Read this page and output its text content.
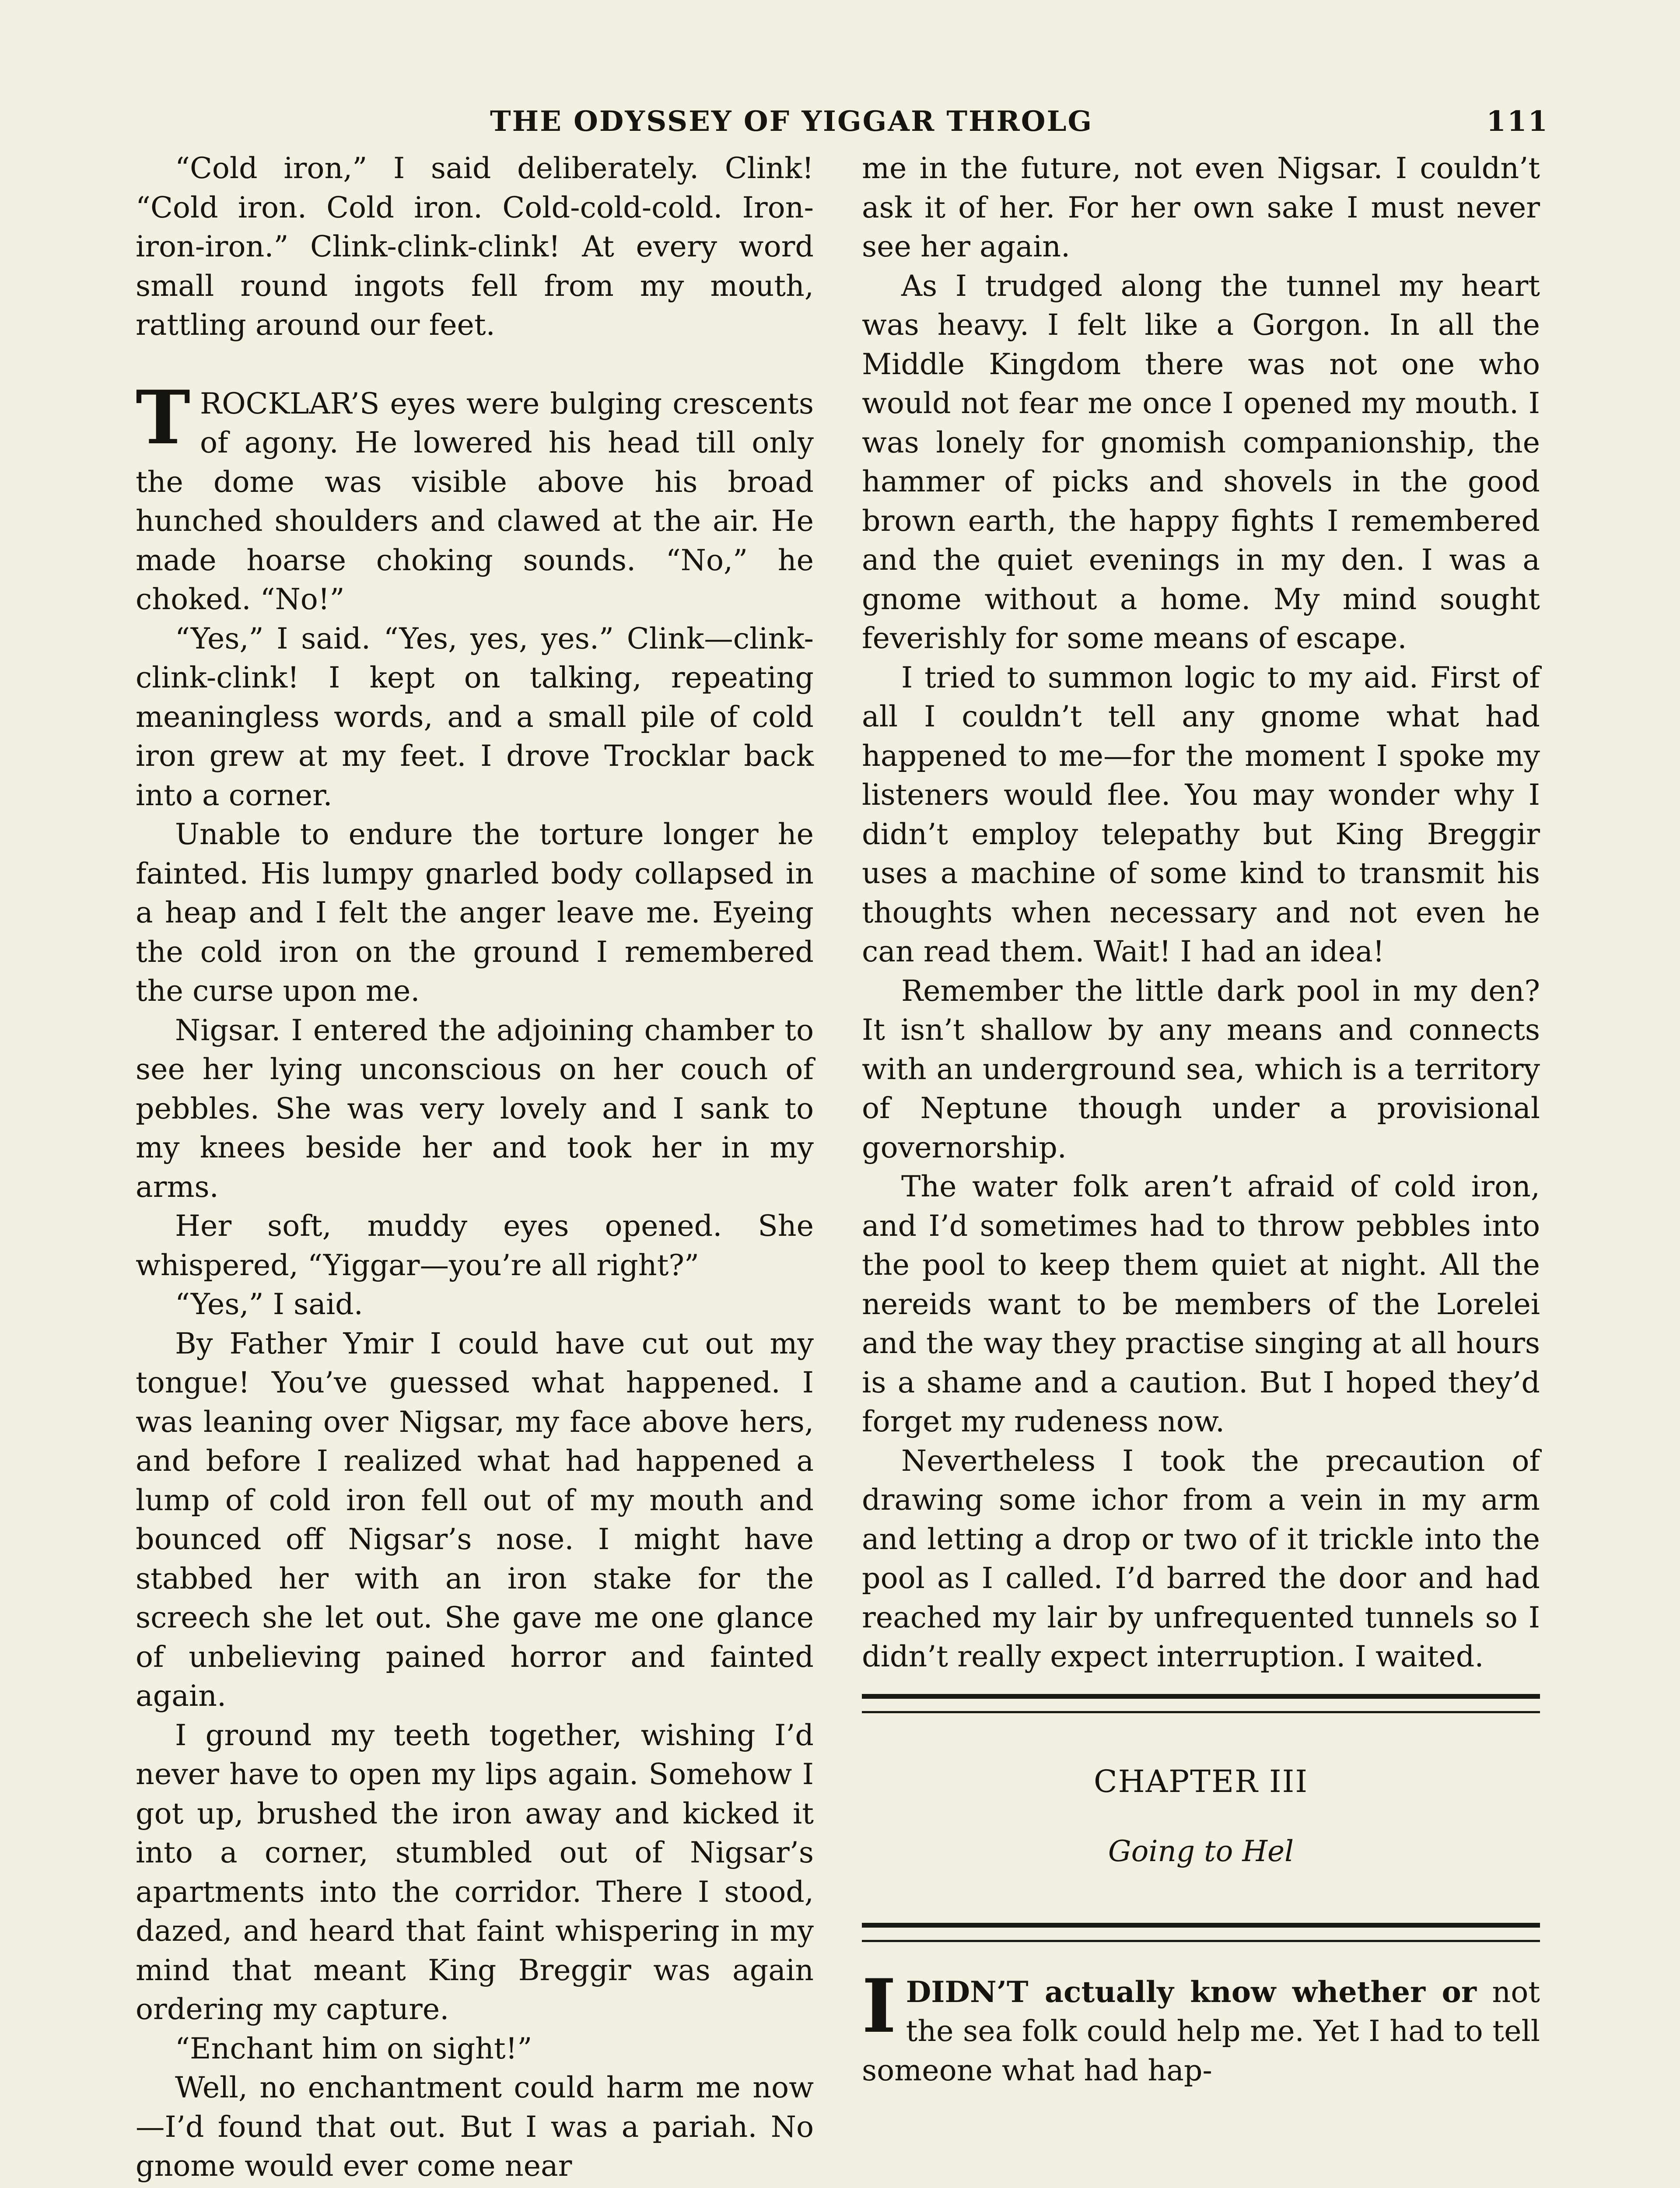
THE ODYSSEY OF YIGGAR THROLG	111

“Cold iron,” I said deliberately. Clink! “Cold iron. Cold iron. Cold-cold-cold. Iron-iron-iron.” Clink-clink-clink! At every word small round ingots fell from my mouth, rattling around our feet.

TROCKLAR’S eyes were bulging crescents of agony. He lowered his head till only the dome was visible above his broad hunched shoulders and clawed at the air. He made hoarse choking sounds. “No,” he choked. “No!”

“Yes,” I said. “Yes, yes, yes.” Clink—clink-clink-clink! I kept on talking, repeating meaningless words, and a small pile of cold iron grew at my feet. I drove Trocklar back into a corner.

Unable to endure the torture longer he fainted. His lumpy gnarled body collapsed in a heap and I felt the anger leave me. Eyeing the cold iron on the ground I remembered the curse upon me.

Nigsar. I entered the adjoining chamber to see her lying unconscious on her couch of pebbles. She was very lovely and I sank to my knees beside her and took her in my arms.

Her soft, muddy eyes opened. She whispered, “Yiggar—you’re all right?”

“Yes,” I said.

By Father Ymir I could have cut out my tongue! You’ve guessed what happened. I was leaning over Nigsar, my face above hers, and before I realized what had happened a lump of cold iron fell out of my mouth and bounced off Nigsar’s nose. I might have stabbed her with an iron stake for the screech she let out. She gave me one glance of unbelieving pained horror and fainted again.

I ground my teeth together, wishing I’d never have to open my lips again. Somehow I got up, brushed the iron away and kicked it into a corner, stumbled out of Nigsar’s apartments into the corridor. There I stood, dazed, and heard that faint whispering in my mind that meant King Breggir was again ordering my capture.

“Enchant him on sight!”

Well, no enchantment could harm me now—I’d found that out. But I was a pariah. No gnome would ever come near

me in the future, not even Nigsar. I couldn’t ask it of her. For her own sake I must never see her again.

As I trudged along the tunnel my heart was heavy. I felt like a Gorgon. In all the Middle Kingdom there was not one who would not fear me once I opened my mouth. I was lonely for gnomish companionship, the hammer of picks and shovels in the good brown earth, the happy fights I remembered and the quiet evenings in my den. I was a gnome without a home. My mind sought feverishly for some means of escape.

I tried to summon logic to my aid. First of all I couldn’t tell any gnome what had happened to me—for the moment I spoke my listeners would flee. You may wonder why I didn’t employ telepathy but King Breggir uses a machine of some kind to transmit his thoughts when necessary and not even he can read them. Wait! I had an idea!

Remember the little dark pool in my den? It isn’t shallow by any means and connects with an underground sea, which is a territory of Neptune though under a provisional governorship.

The water folk aren’t afraid of cold iron, and I’d sometimes had to throw pebbles into the pool to keep them quiet at night. All the nereids want to be members of the Lorelei and the way they practise singing at all hours is a shame and a caution. But I hoped they’d forget my rudeness now.

Nevertheless I took the precaution of drawing some ichor from a vein in my arm and letting a drop or two of it trickle into the pool as I called. I’d barred the door and had reached my lair by unfrequented tunnels so I didn’t really expect interruption. I waited.

CHAPTER III
Going to Hel

IDIDN’T actually know whether or not the sea folk could help me. Yet I had to tell someone what had hap-
